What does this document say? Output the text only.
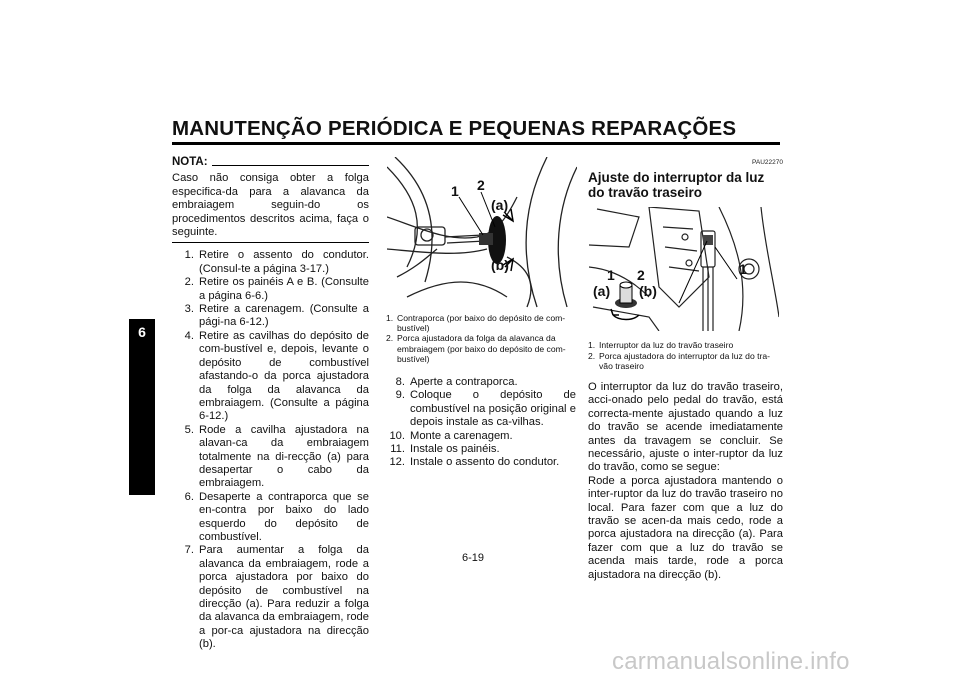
MANUTENÇÃO PERIÓDICA E PEQUENAS REPARAÇÕES
6
NOTA:
Caso não consiga obter a folga especifica-da para a alavanca da embraiagem seguin-do os procedimentos descritos acima, faça o seguinte.
1. Retire o assento do condutor. (Consul-te a página 3-17.)
2. Retire os painéis A e B. (Consulte a página 6-6.)
3. Retire a carenagem. (Consulte a pági-na 6-12.)
4. Retire as cavilhas do depósito de com-bustível e, depois, levante o depósito de combustível afastando-o da porca ajustadora da folga da alavanca da embraiagem. (Consulte a página 6-12.)
5. Rode a cavilha ajustadora na alavan-ca da embraiagem totalmente na di-recção (a) para desapertar o cabo da embraiagem.
6. Desaperte a contraporca que se en-contra por baixo do lado esquerdo do depósito de combustível.
7. Para aumentar a folga da alavanca da embraiagem, rode a porca ajustadora por baixo do depósito de combustível na direcção (a). Para reduzir a folga da alavanca da embraiagem, rode a por-ca ajustadora na direcção (b).
1 2
(a)
(b)
1. Contraporca (por baixo do depósito de com-bustível)
2. Porca ajustadora da folga da alavanca da embraiagem (por baixo do depósito de com-bustível)
8. Aperte a contraporca.
9. Coloque o depósito de combustível na posição original e depois instale as ca-vilhas.
10. Monte a carenagem.
11. Instale os painéis.
12. Instale o assento do condutor.
PAU22270
Ajuste do interruptor da luz do travão traseiro
1 2
(a) (b)
1
1. Interruptor da luz do travão traseiro
2. Porca ajustadora do interruptor da luz do tra-vão traseiro
O interruptor da luz do travão traseiro, acci-onado pelo pedal do travão, está correcta-mente ajustado quando a luz do travão se acende imediatamente antes da travagem se concluir. Se necessário, ajuste o inter-ruptor da luz do travão, como se segue:
Rode a porca ajustadora mantendo o inter-ruptor da luz do travão traseiro no local. Para fazer com que a luz do travão se acen-da mais cedo, rode a porca ajustadora na direcção (a). Para fazer com que a luz do travão se acenda mais tarde, rode a porca ajustadora na direcção (b).
6-19
carmanualsonline.info
